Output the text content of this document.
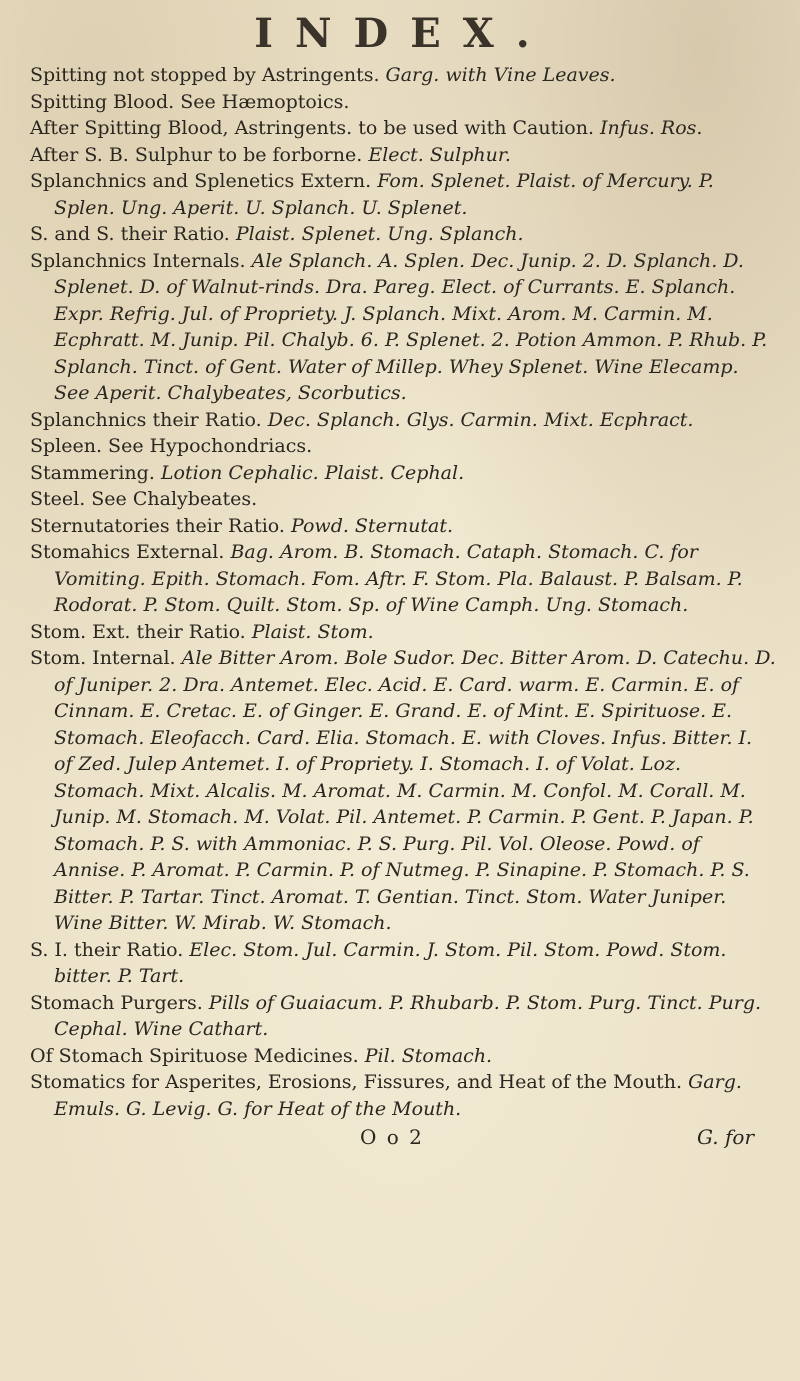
INDEX.

Spitting not stopped by Astringents. Garg. with Vine Leaves.

Spitting Blood. See Hæmoptoics.

After Spitting Blood, Astringents. to be used with Caution. Infus. Ros.

After S. B. Sulphur to be forborne. Elect. Sulphur.

Splanchnics and Splenetics Extern. Fom. Splenet. Plaist. of Mercury. P. Splen. Ung. Aperit. U. Splanch. U. Splenet.

S. and S. their Ratio. Plaist. Splenet. Ung. Splanch.

Splanchnics Internals. Ale Splanch. A. Splen. Dec. Junip. 2. D. Splanch. D. Splenet. D. of Walnut-rinds. Dra. Pareg. Elect. of Currants. E. Splanch. Expr. Refrig. Jul. of Propriety. J. Splanch. Mixt. Arom. M. Carmin. M. Ecphratt. M. Junip. Pil. Chalyb. 6. P. Splenet. 2. Potion Ammon. P. Rhub. P. Splanch. Tinct. of Gent. Water of Millep. Whey Splenet. Wine Elecamp. See Aperit. Chalybeates, Scorbutics.

Splanchnics their Ratio. Dec. Splanch. Glys. Carmin. Mixt. Ecphract.

Spleen. See Hypochondriacs.

Stammering. Lotion Cephalic. Plaist. Cephal.

Steel. See Chalybeates.

Sternutatories their Ratio. Powd. Sternutat.

Stomahics External. Bag. Arom. B. Stomach. Cataph. Stomach. C. for Vomiting. Epith. Stomach. Fom. Aftr. F. Stom. Pla. Balaust. P. Balsam. P. Rodorat. P. Stom. Quilt. Stom. Sp. of Wine Camph. Ung. Stomach.

Stom. Ext. their Ratio. Plaist. Stom.

Stom. Internal. Ale Bitter Arom. Bole Sudor. Dec. Bitter Arom. D. Catechu. D. of Juniper. 2. Dra. Antemet. Elec. Acid. E. Card. warm. E. Carmin. E. of Cinnam. E. Cretac. E. of Ginger. E. Grand. E. of Mint. E. Spirituose. E. Stomach. Eleofacch. Card. Elia. Stomach. E. with Cloves. Infus. Bitter. I. of Zed. Julep Antemet. I. of Propriety. I. Stomach. I. of Volat. Loz. Stomach. Mixt. Alcalis. M. Aromat. M. Carmin. M. Confol. M. Corall. M. Junip. M. Stomach. M. Volat. Pil. Antemet. P. Carmin. P. Gent. P. Japan. P. Stomach. P. S. with Ammoniac. P. S. Purg. Pil. Vol. Oleose. Powd. of Annise. P. Aromat. P. Carmin. P. of Nutmeg. P. Sinapine. P. Stomach. P. S. Bitter. P. Tartar. Tinct. Aromat. T. Gentian. Tinct. Stom. Water Juniper. Wine Bitter. W. Mirab. W. Stomach.

S. I. their Ratio. Elec. Stom. Jul. Carmin. J. Stom. Pil. Stom. Powd. Stom. bitter. P. Tart.

Stomach Purgers. Pills of Guaiacum. P. Rhubarb. P. Stom. Purg. Tinct. Purg. Cephal. Wine Cathart.

Of Stomach Spirituose Medicines. Pil. Stomach.

Stomatics for Asperites, Erosions, Fissures, and Heat of the Mouth. Garg. Emuls. G. Levig. G. for Heat of the Mouth.

O o 2	G. for
